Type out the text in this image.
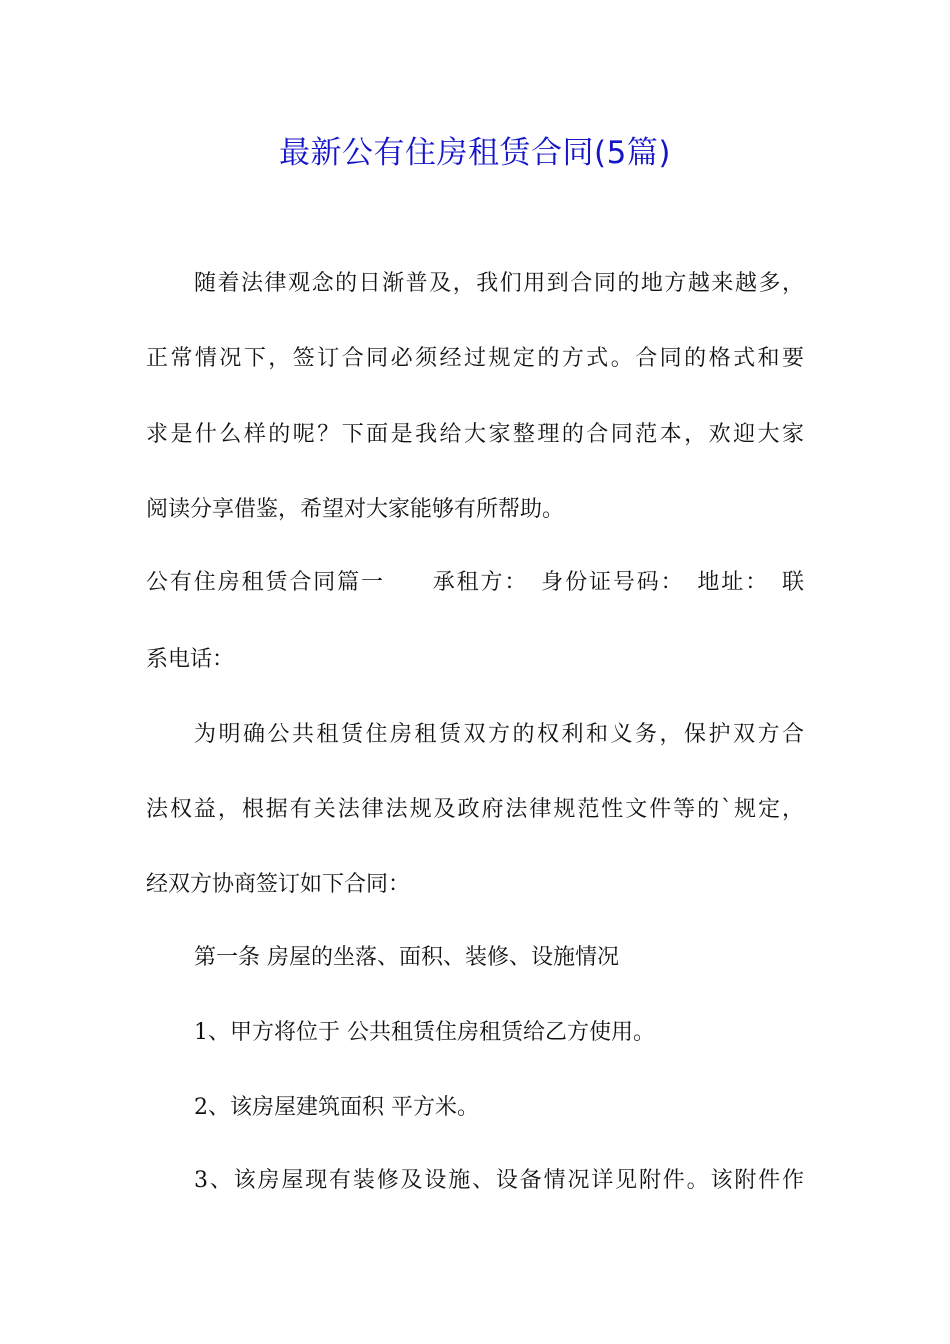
最新公有住房租赁合同(5篇)
随着法律观念的日渐普及，我们用到合同的地方越来越多，
正常情况下，签订合同必须经过规定的方式。合同的格式和要
求是什么样的呢？下面是我给大家整理的合同范本，欢迎大家
阅读分享借鉴，希望对大家能够有所帮助。
公有住房租赁合同篇一　　承租方：　身份证号码：　地址：　联
系电话：
为明确公共租赁住房租赁双方的权利和义务，保护双方合
法权益，根据有关法律法规及政府法律规范性文件等的`规定，
经双方协商签订如下合同：
第一条 房屋的坐落、面积、装修、设施情况
1、甲方将位于 公共租赁住房租赁给乙方使用。
2、该房屋建筑面积 平方米。
3、该房屋现有装修及设施、设备情况详见附件。该附件作
